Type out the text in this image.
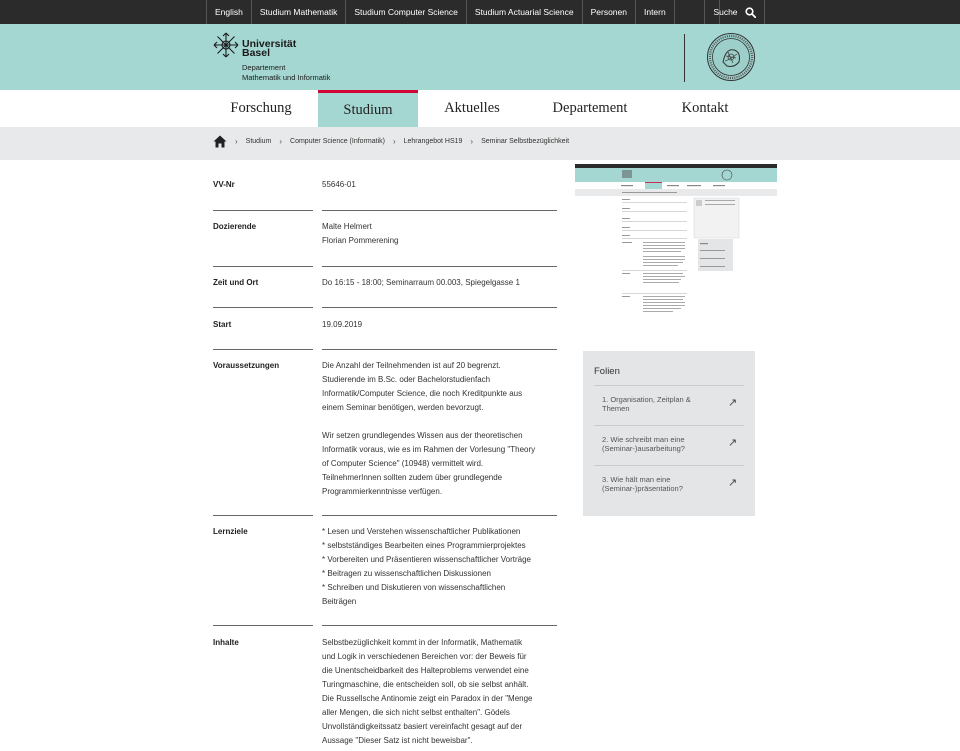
English	Studium Mathematik	Studium Computer Science	Studium Actuarial Science	Personen	Intern	Suche
Universität
Basel
Departement
Mathematik und Informatik
Forschung	Studium	Aktuelles	Departement	Kontakt
› Studium › Computer Science (Informatik) › Lehrangebot HS19 › Seminar Selbstbezüglichkeit
VV-Nr	55646-01
Dozierende	Malte Helmert
Florian Pommerening
Zeit und Ort	Do 16:15 - 18:00; Seminarraum 00.003, Spiegelgasse 1
Start	19.09.2019
Voraussetzungen	Die Anzahl der Teilnehmenden ist auf 20 begrenzt.
Studierende im B.Sc. oder Bachelorstudienfach
Informatik/Computer Science, die noch Kreditpunkte aus
einem Seminar benötigen, werden bevorzugt.
Wir setzen grundlegendes Wissen aus der theoretischen
Informatik voraus, wie es im Rahmen der Vorlesung "Theory
of Computer Science" (10948) vermittelt wird.
TeilnehmerInnen sollten zudem über grundlegende
Programmierkenntnisse verfügen.
Lernziele	* Lesen und Verstehen wissenschaftlicher Publikationen
* selbstständiges Bearbeiten eines Programmierprojektes
* Vorbereiten und Präsentieren wissenschaftlicher Vorträge
* Beitragen zu wissenschaftlichen Diskussionen
* Schreiben und Diskutieren von wissenschaftlichen
Beiträgen
Inhalte	Selbstbezüglichkeit kommt in der Informatik, Mathematik
und Logik in verschiedenen Bereichen vor: der Beweis für
die Unentscheidbarkeit des Halteproblems verwendet eine
Turingmaschine, die entscheiden soll, ob sie selbst anhält.
Die Russellsche Antinomie zeigt ein Paradox in der "Menge
aller Mengen, die sich nicht selbst enthalten". Gödels
Unvollständigkeitssatz basiert vereinfacht gesagt auf der
Aussage "Dieser Satz ist nicht beweisbar".
Folien
1. Organisation, Zeitplan &
Themen	↗
2. Wie schreibt man eine
(Seminar-)ausarbeitung?	↗
3. Wie hält man eine
(Seminar-)präsentation?	↗
